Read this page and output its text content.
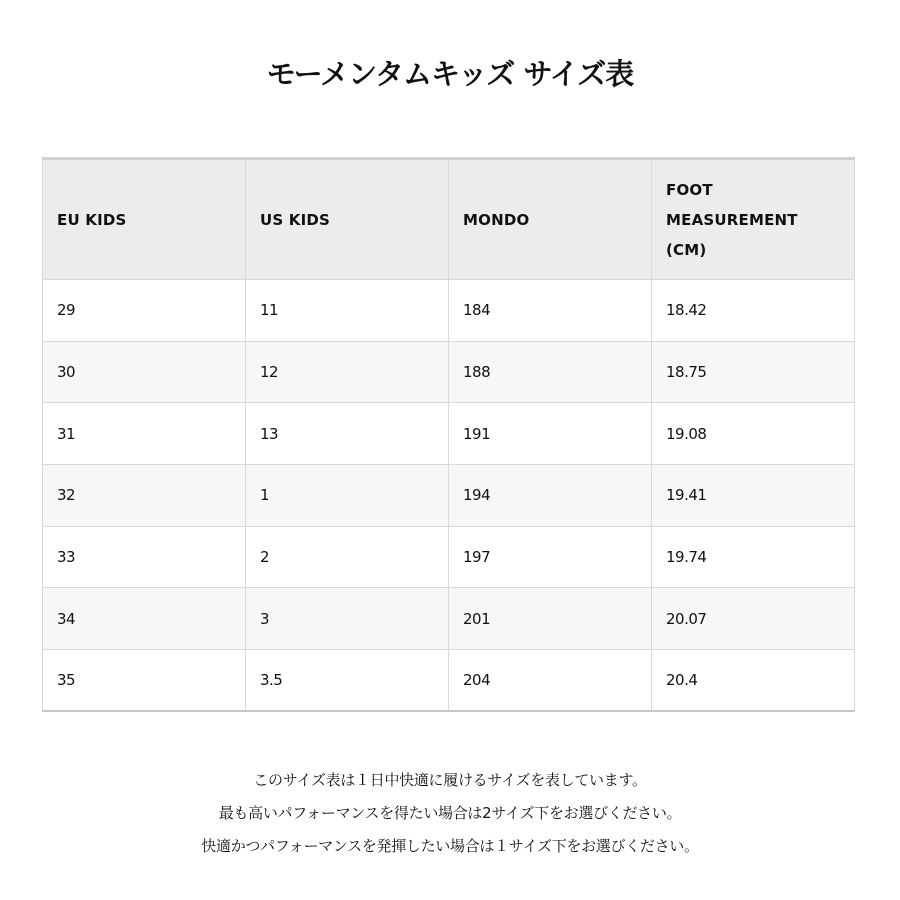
モーメンタムキッズ サイズ表
EU KIDS	US KIDS	MONDO	FOOT
MEASUREMENT
(CM)
29	11	184	18.42
30	12	188	18.75
31	13	191	19.08
32	1	194	19.41
33	2	197	19.74
34	3	201	20.07
35	3.5	204	20.4
このサイズ表は１日中快適に履けるサイズを表しています。
最も高いパフォーマンスを得たい場合は2サイズ下をお選びください。
快適かつパフォーマンスを発揮したい場合は１サイズ下をお選びください。
